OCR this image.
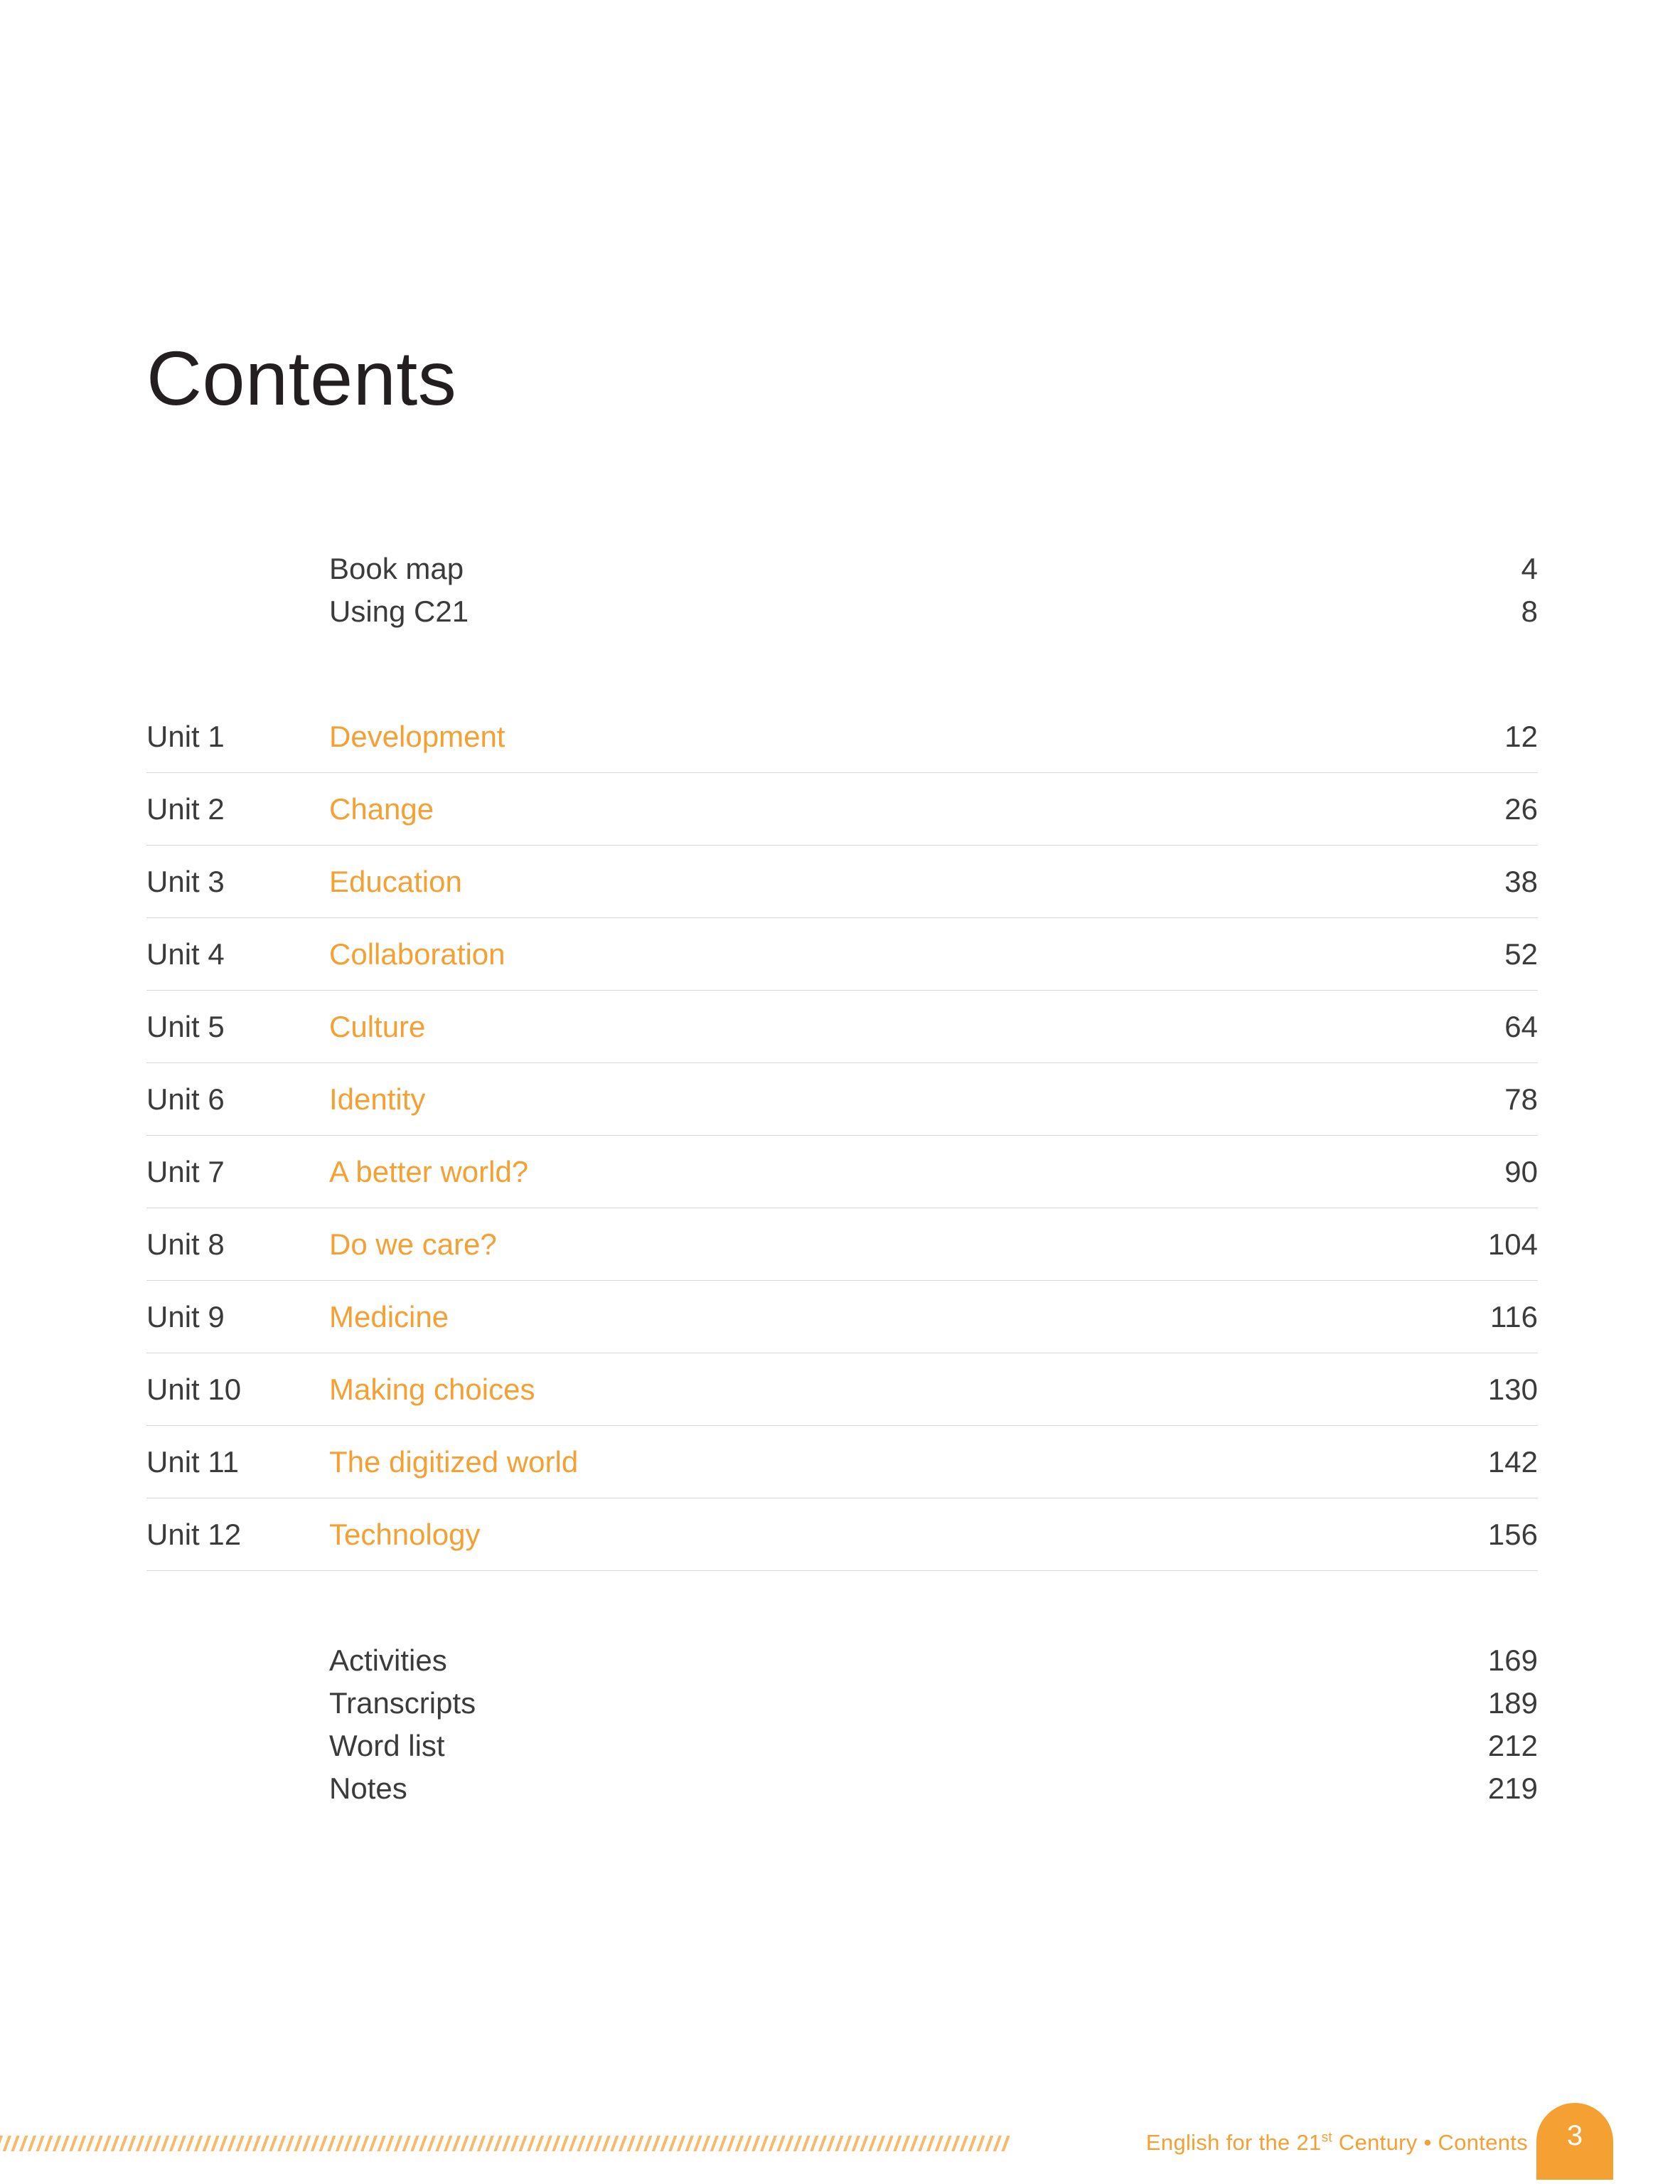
Contents
Book map	4
Using C21	8
Unit 1	Development	12
Unit 2	Change	26
Unit 3	Education	38
Unit 4	Collaboration	52
Unit 5	Culture	64
Unit 6	Identity	78
Unit 7	A better world?	90
Unit 8	Do we care?	104
Unit 9	Medicine	116
Unit 10	Making choices	130
Unit 11	The digitized world	142
Unit 12	Technology	156
Activities	169
Transcripts	189
Word list	212
Notes	219
English for the 21st Century • Contents	3
